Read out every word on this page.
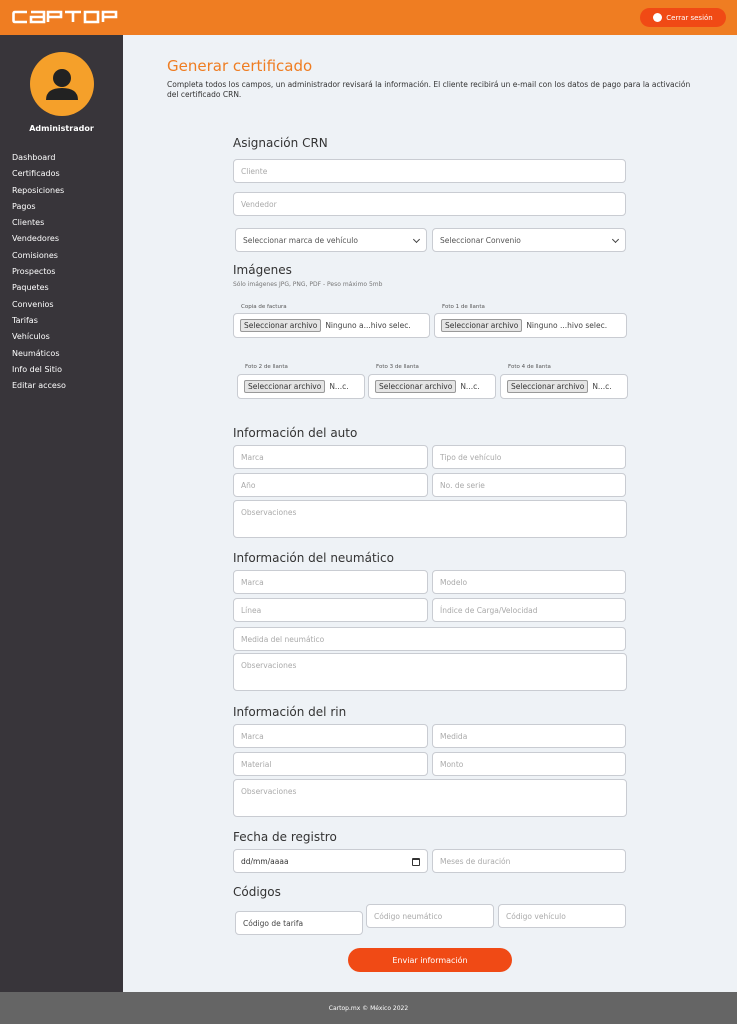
Cerrar sesión
Administrador
Dashboard
Certificados
Reposiciones
Pagos
Clientes
Vendedores
Comisiones
Prospectos
Paquetes
Convenios
Tarifas
Vehículos
Neumáticos
Info del Sitio
Editar acceso
Generar certificado
Completa todos los campos, un administrador revisará la información. El cliente recibirá un e-mail con los datos de pago para la activación del certificado CRN.
Asignación CRN
Cliente
Vendedor
Seleccionar marca de vehículo	Seleccionar Convenio
Imágenes
Sólo imágenes JPG, PNG, PDF - Peso máximo 5mb
Copia de factura
Seleccionar archivo	Ninguno a...hivo selec.
Foto 1 de llanta
Seleccionar archivo	Ninguno ...hivo selec.
Foto 2 de llanta
Seleccionar archivo	N...c.
Foto 3 de llanta
Seleccionar archivo	N...c.
Foto 4 de llanta
Seleccionar archivo	N...c.
Información del auto
Marca	Tipo de vehículo
Año	No. de serie
Observaciones
Información del neumático
Marca	Modelo
Línea	Índice de Carga/Velocidad
Medida del neumático
Observaciones
Información del rin
Marca	Medida
Material	Monto
Observaciones
Fecha de registro
dd/mm/aaaa	Meses de duración
Códigos
Código de tarifa
Código neumático	Código vehículo
Enviar información
Cartop.mx © México 2022
